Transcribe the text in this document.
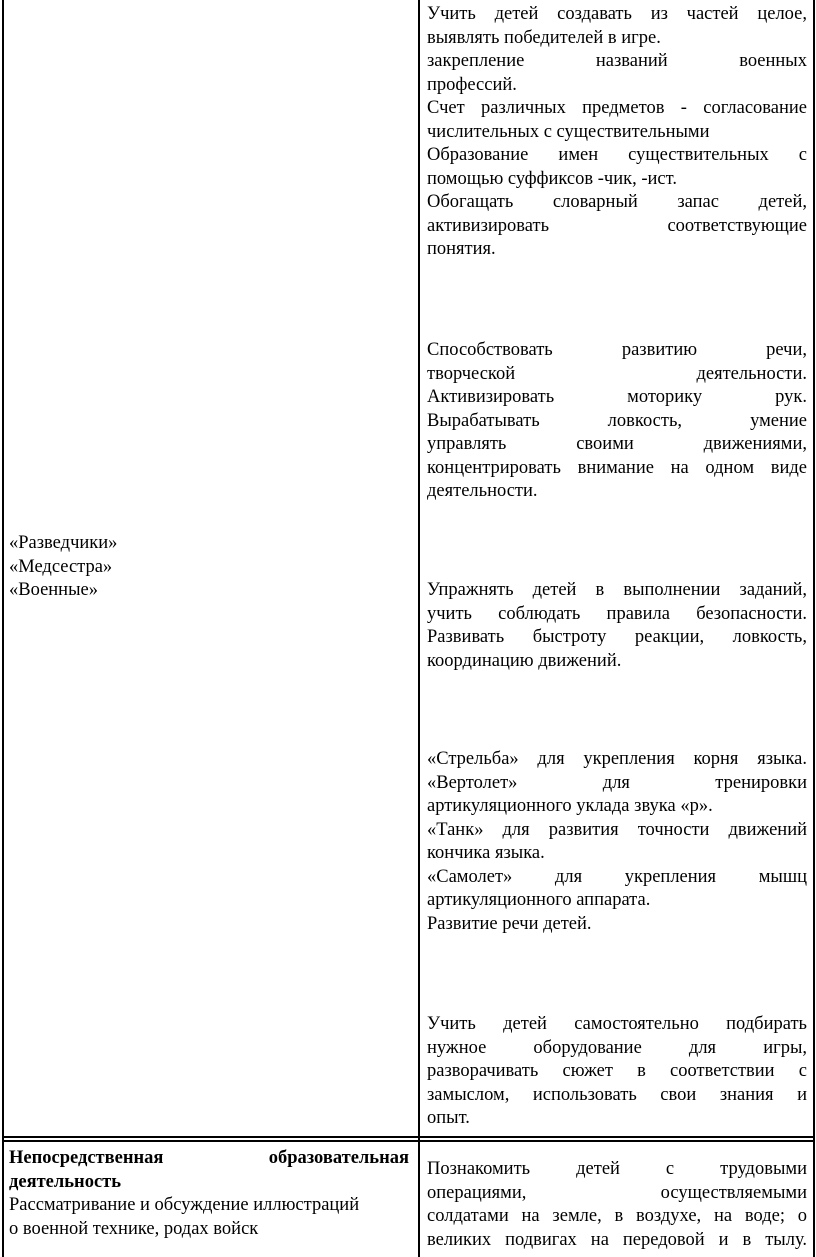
«Разведчики»
«Медсестра»
«Военные»
Непосредственная образовательная
деятельность
Рассматривание и обсуждение иллюстраций
о военной технике, родах войск
Учить детей создавать из частей целое,
выявлять победителей в игре.
закрепление названий военных
профессий.
Счет различных предметов - согласование
числительных с существительными
Образование имен существительных с
помощью суффиксов -чик, -ист.
Обогащать словарный запас детей,
активизировать соответствующие
понятия.
Способствовать развитию речи,
творческой деятельности.
Активизировать моторику рук.
Вырабатывать ловкость, умение
управлять своими движениями,
концентрировать внимание на одном виде
деятельности.
Упражнять детей в выполнении заданий,
учить соблюдать правила безопасности.
Развивать быстроту реакции, ловкость,
координацию движений.
«Стрельба» для укрепления корня языка.
«Вертолет» для тренировки
артикуляционного уклада звука «р».
«Танк» для развития точности движений
кончика языка.
«Самолет» для укрепления мышц
артикуляционного аппарата.
Развитие речи детей.
Учить детей самостоятельно подбирать
нужное оборудование для игры,
разворачивать сюжет в соответствии с
замыслом, использовать свои знания и
опыт.
Познакомить детей с трудовыми
операциями, осуществляемыми
солдатами на земле, в воздухе, на воде; о
великих подвигах на передовой и в тылу.
